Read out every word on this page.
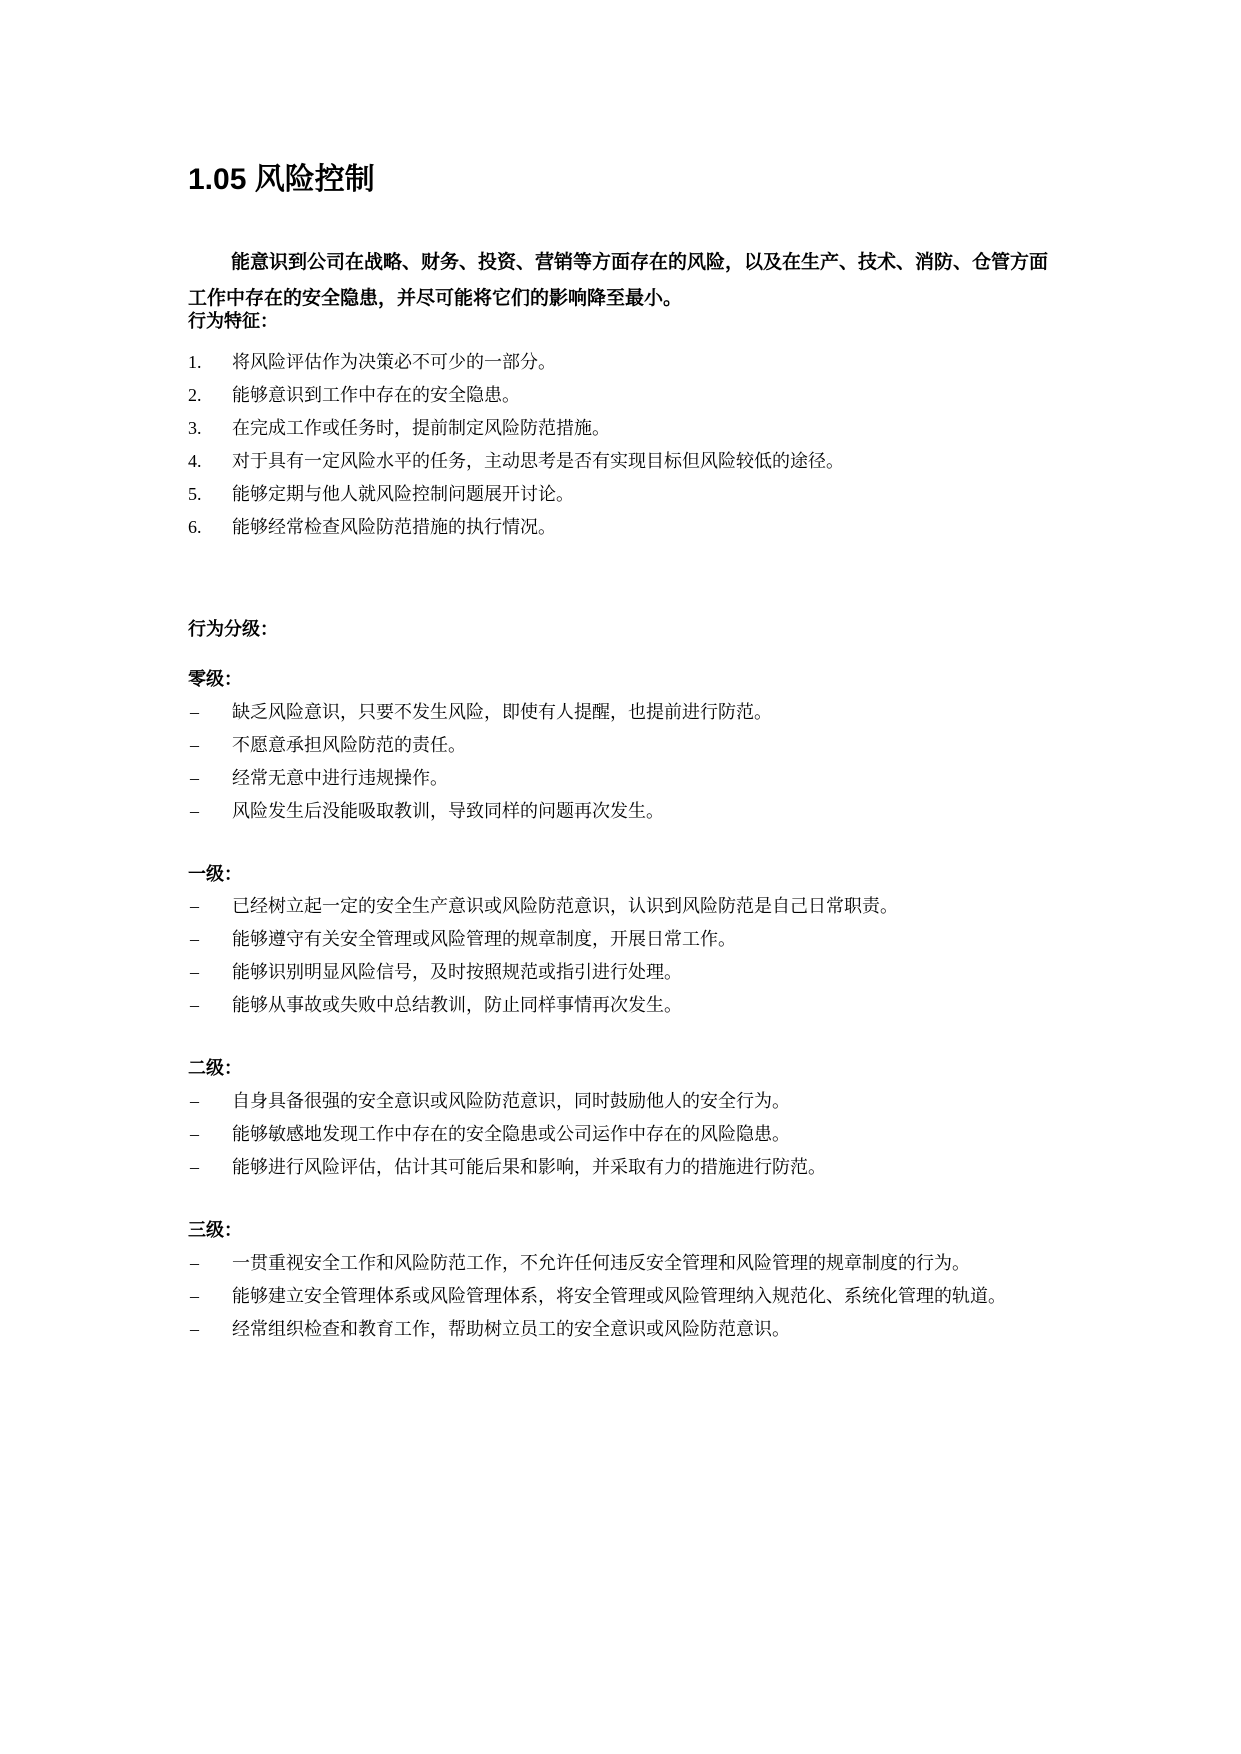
1.05 风险控制

能意识到公司在战略、财务、投资、营销等方面存在的风险，以及在生产、技术、消防、仓管方面工作中存在的安全隐患，并尽可能将它们的影响降至最小。

行为特征：
1. 将风险评估作为决策必不可少的一部分。
2. 能够意识到工作中存在的安全隐患。
3. 在完成工作或任务时，提前制定风险防范措施。
4. 对于具有一定风险水平的任务，主动思考是否有实现目标但风险较低的途径。
5. 能够定期与他人就风险控制问题展开讨论。
6. 能够经常检查风险防范措施的执行情况。
行为分级：
零级：
– 缺乏风险意识，只要不发生风险，即使有人提醒，也提前进行防范。
– 不愿意承担风险防范的责任。
– 经常无意中进行违规操作。
– 风险发生后没能吸取教训，导致同样的问题再次发生。
一级：
– 已经树立起一定的安全生产意识或风险防范意识，认识到风险防范是自己日常职责。
– 能够遵守有关安全管理或风险管理的规章制度，开展日常工作。
– 能够识别明显风险信号，及时按照规范或指引进行处理。
– 能够从事故或失败中总结教训，防止同样事情再次发生。
二级：
– 自身具备很强的安全意识或风险防范意识，同时鼓励他人的安全行为。
– 能够敏感地发现工作中存在的安全隐患或公司运作中存在的风险隐患。
– 能够进行风险评估，估计其可能后果和影响，并采取有力的措施进行防范。
三级：
– 一贯重视安全工作和风险防范工作，不允许任何违反安全管理和风险管理的规章制度的行为。
– 能够建立安全管理体系或风险管理体系，将安全管理或风险管理纳入规范化、系统化管理的轨道。
– 经常组织检查和教育工作，帮助树立员工的安全意识或风险防范意识。
